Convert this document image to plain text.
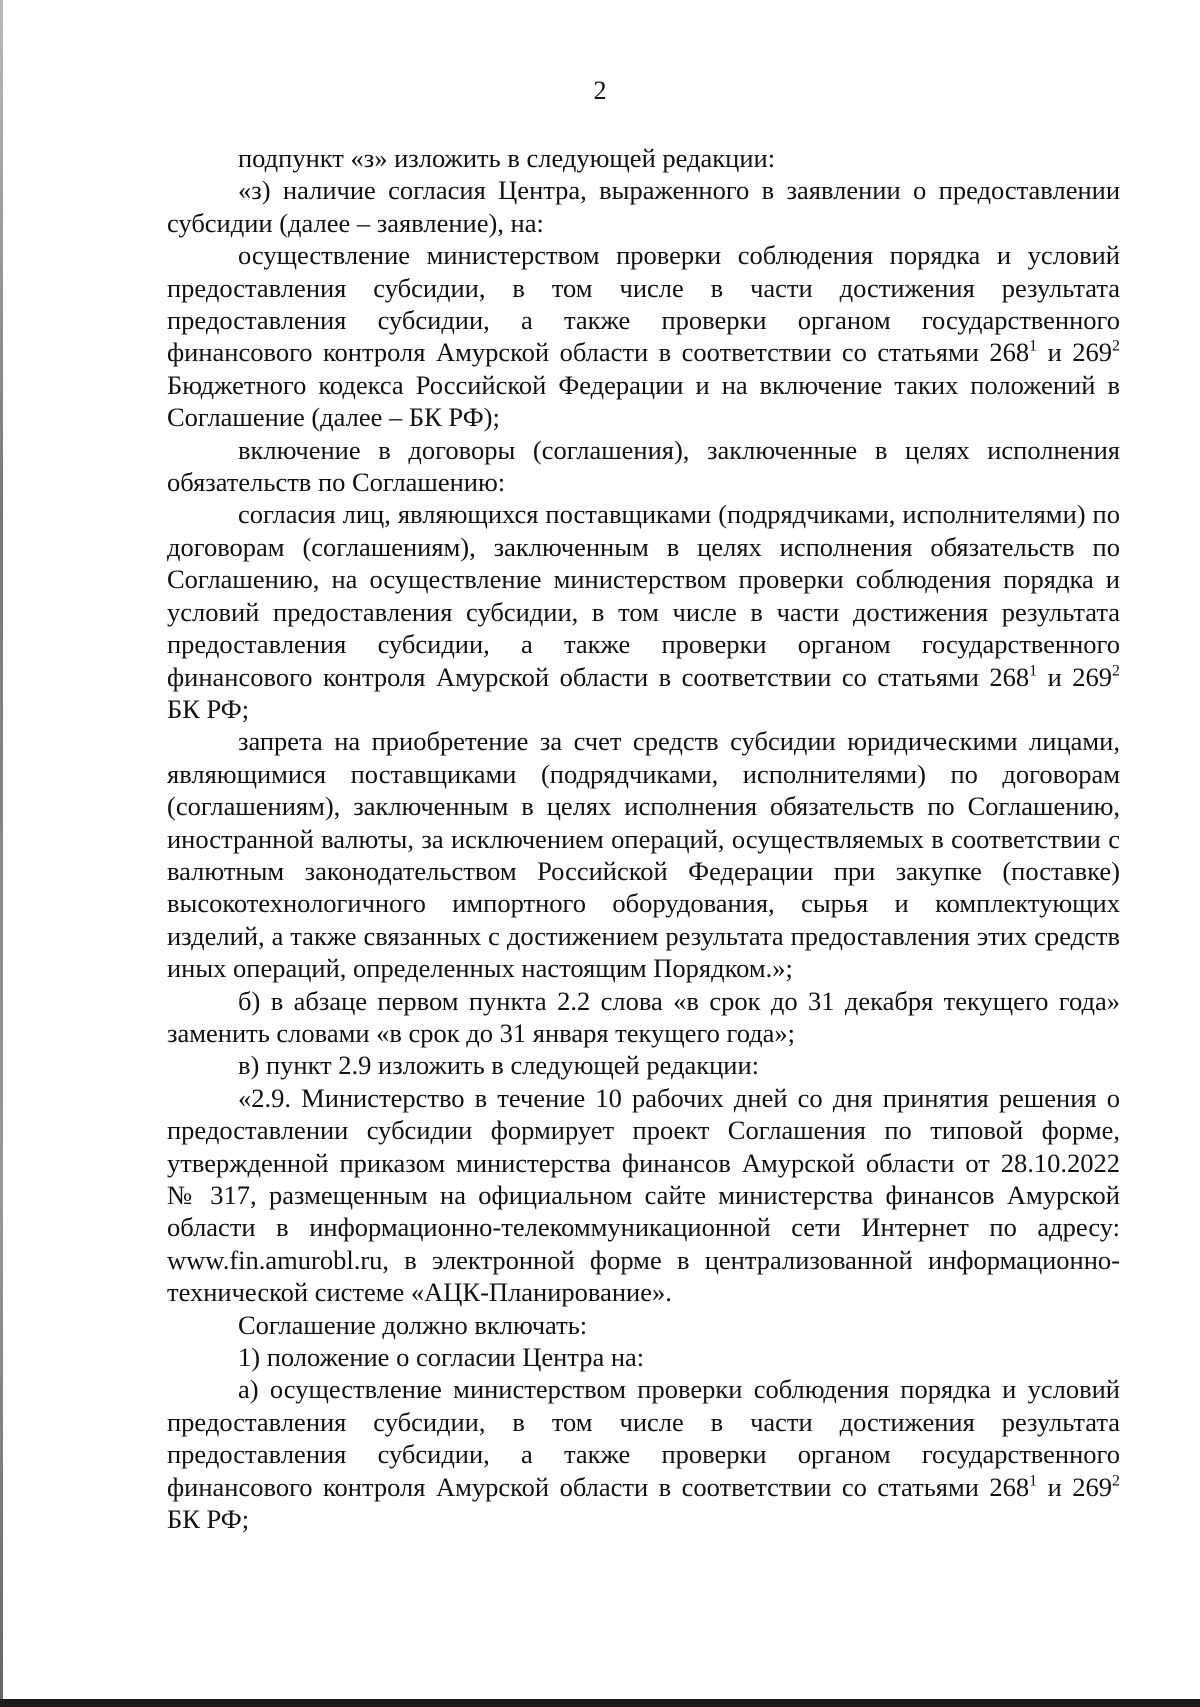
2

подпункт «з» изложить в следующей редакции:

«з) наличие согласия Центра, выраженного в заявлении о предоставлении субсидии (далее – заявление), на:

осуществление министерством проверки соблюдения порядка и условий предоставления субсидии, в том числе в части достижения результата предоставления субсидии, а также проверки органом государственного финансового контроля Амурской области в соответствии со статьями $268^1$ и $269^2$ Бюджетного кодекса Российской Федерации и на включение таких положений в Соглашение (далее – БК РФ);

включение в договоры (соглашения), заключенные в целях исполнения обязательств по Соглашению:

согласия лиц, являющихся поставщиками (подрядчиками, исполнителями) по договорам (соглашениям), заключенным в целях исполнения обязательств по Соглашению, на осуществление министерством проверки соблюдения порядка и условий предоставления субсидии, в том числе в части достижения результата предоставления субсидии, а также проверки органом государственного финансового контроля Амурской области в соответствии со статьями $268^1$ и $269^2$ БК РФ;

запрета на приобретение за счет средств субсидии юридическими лицами, являющимися поставщиками (подрядчиками, исполнителями) по договорам (соглашениям), заключенным в целях исполнения обязательств по Соглашению, иностранной валюты, за исключением операций, осуществляемых в соответствии с валютным законодательством Российской Федерации при закупке (поставке) высокотехнологичного импортного оборудования, сырья и комплектующих изделий, а также связанных с достижением результата предоставления этих средств иных операций, определенных настоящим Порядком.»;

б) в абзаце первом пункта 2.2 слова «в срок до 31 декабря текущего года» заменить словами «в срок до 31 января текущего года»;

в) пункт 2.9 изложить в следующей редакции:

«2.9. Министерство в течение 10 рабочих дней со дня принятия решения о предоставлении субсидии формирует проект Соглашения по типовой форме, утвержденной приказом министерства финансов Амурской области от 28.10.2022 № 317, размещенным на официальном сайте министерства финансов Амурской области в информационно-телекоммуникационной сети Интернет по адресу: www.fin.amurobl.ru, в электронной форме в централизованной информационно-технической системе «АЦК-Планирование».

Соглашение должно включать:

1) положение о согласии Центра на:

а) осуществление министерством проверки соблюдения порядка и условий предоставления субсидии, в том числе в части достижения результата предоставления субсидии, а также проверки органом государственного финансового контроля Амурской области в соответствии со статьями $268^1$ и $269^2$ БК РФ;
